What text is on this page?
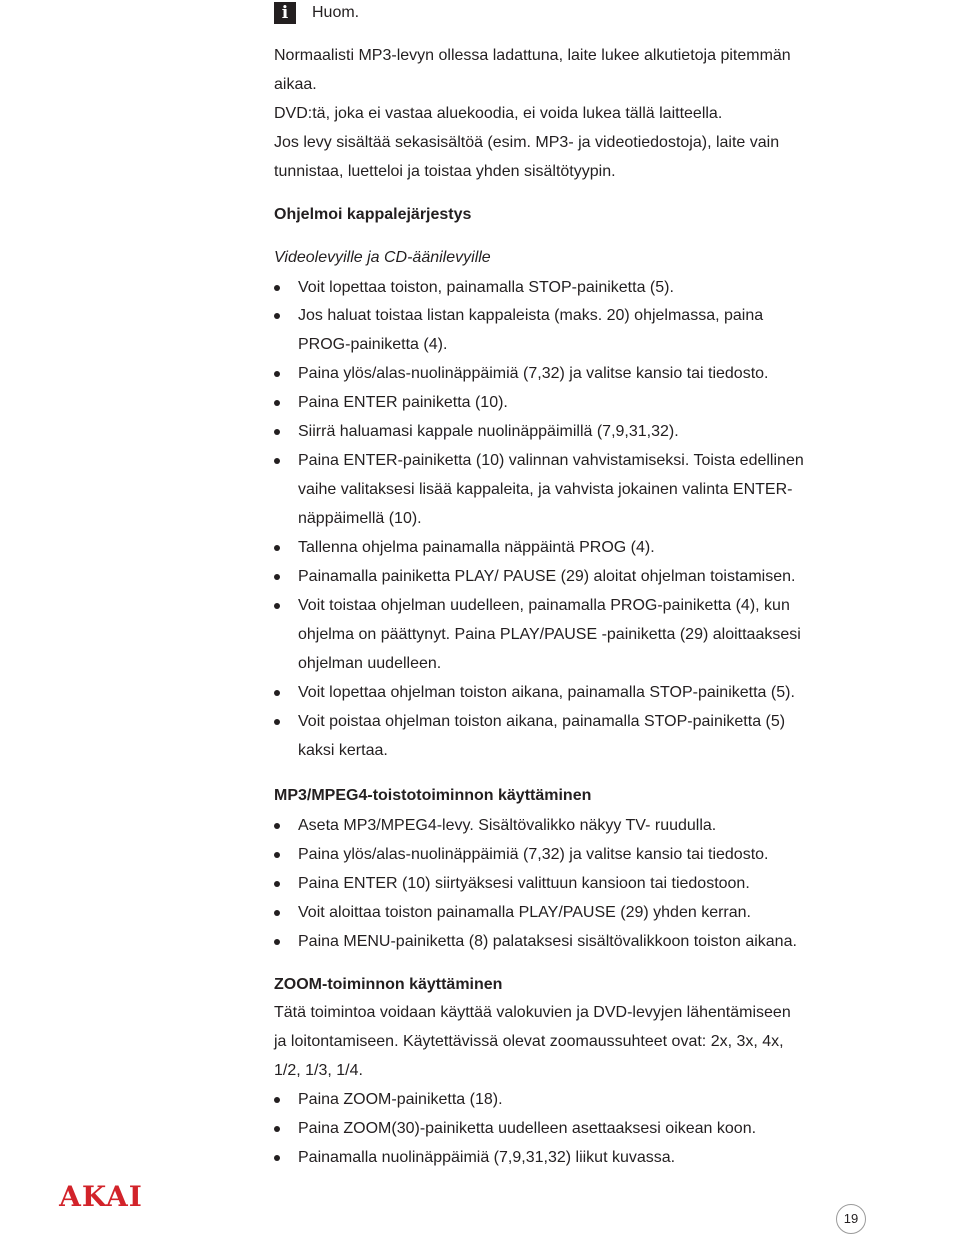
i	Huom.
Normaalisti MP3-levyn ollessa ladattuna, laite lukee alkutietoja pitemmän
aikaa.
DVD:tä, joka ei vastaa aluekoodia, ei voida lukea tällä laitteella.
Jos levy sisältää sekasisältöä (esim. MP3- ja videotiedostoja), laite vain
tunnistaa, luetteloi ja toistaa yhden sisältötyypin.
Ohjelmoi kappalejärjestys
Videolevyille ja CD-äänilevyille
Voit lopettaa toiston, painamalla STOP-painiketta (5).
Jos haluat toistaa listan kappaleista (maks. 20) ohjelmassa, paina
PROG-painiketta (4).
Paina ylös/alas-nuolinäppäimiä (7,32) ja valitse kansio tai tiedosto.
Paina ENTER painiketta (10).
Siirrä haluamasi kappale nuolinäppäimillä (7,9,31,32).
Paina ENTER-painiketta (10) valinnan vahvistamiseksi. Toista edellinen
vaihe valitaksesi lisää kappaleita, ja vahvista jokainen valinta ENTER-
näppäimellä (10).
Tallenna ohjelma painamalla näppäintä PROG (4).
Painamalla painiketta PLAY/ PAUSE (29) aloitat ohjelman toistamisen.
Voit toistaa ohjelman uudelleen, painamalla PROG-painiketta (4), kun
ohjelma on päättynyt. Paina PLAY/PAUSE -painiketta (29) aloittaaksesi
ohjelman uudelleen.
Voit lopettaa ohjelman toiston aikana, painamalla STOP-painiketta (5).
Voit poistaa ohjelman toiston aikana, painamalla STOP-painiketta (5)
kaksi kertaa.
MP3/MPEG4-toistotoiminnon käyttäminen
Aseta MP3/MPEG4-levy. Sisältövalikko näkyy TV- ruudulla.
Paina ylös/alas-nuolinäppäimiä (7,32) ja valitse kansio tai tiedosto.
Paina ENTER (10) siirtyäksesi valittuun kansioon tai tiedostoon.
Voit aloittaa toiston painamalla PLAY/PAUSE (29) yhden kerran.
Paina MENU-painiketta (8) palataksesi sisältövalikkoon toiston aikana.
ZOOM-toiminnon käyttäminen
Tätä toimintoa voidaan käyttää valokuvien ja DVD-levyjen lähentämiseen
ja loitontamiseen. Käytettävissä olevat zoomaussuhteet ovat: 2x, 3x, 4x,
1/2, 1/3, 1/4.
Paina ZOOM-painiketta (18).
Paina ZOOM(30)-painiketta uudelleen asettaaksesi oikean koon.
Painamalla nuolinäppäimiä (7,9,31,32) liikut kuvassa.
AKAI
19
